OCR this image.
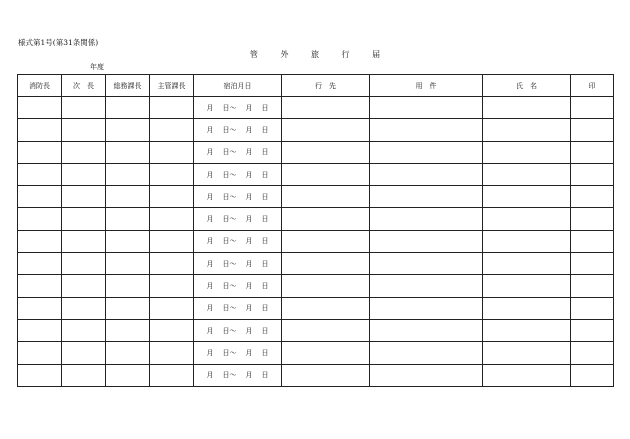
様式第1号(第31条関係)
管	外	旅	行	届
年度
消防長	次　長	総務課長	主管課長	宿泊月日	行　先	用　件	氏　名	印

				月 日〜 月 日				

				月 日〜 月 日				

				月 日〜 月 日				

				月 日〜 月 日				

				月 日〜 月 日				

				月 日〜 月 日				

				月 日〜 月 日				

				月 日〜 月 日				

				月 日〜 月 日				

				月 日〜 月 日				

				月 日〜 月 日				

				月 日〜 月 日				

				月 日〜 月 日				
